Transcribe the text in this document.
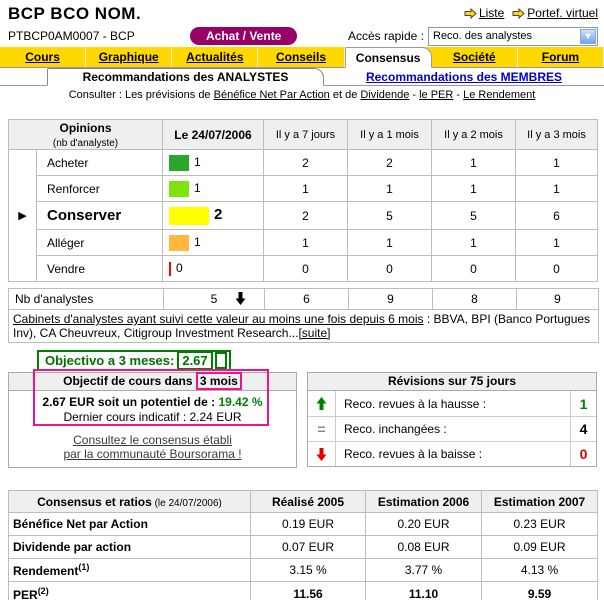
BCP BCO NOM.	Liste Portef. virtuel
PTBCP0AM0007 - BCP	Achat / Vente	Accès rapide : Reco. des analystes	▼
Cours	Graphique	Actualités	Conseils	Consensus	Société	Forum
Recommandations des ANALYSTES	Recommandations des MEMBRES
Consulter : Les prévisions de Bénéfice Net Par Action et de Dividende - le PER - Le Rendement
Opinions
(nb d'analyste)		Le 24/07/2006	Il y a 7 jours	Il y a 1 mois	Il y a 2 mois	Il y a 3 mois
▶	Acheter	1	2	2	1	1
	Renforcer	1	1	1	1	1
	Conserver	2	2	5	5	6
	Alléger	1	1	1	1	1
	Vendre	0	0	0	0	0
Nb d'analystes	5	6	9	8	9
Cabinets d'analystes ayant suivi cette valeur au moins une fois depuis 6 mois : BBVA, BPI (Banco Portugues Inv), CA Cheuvreux, Citigroup Investment Research...[suite]
Objectivo a 3 meses: 2.67
Objectif de cours dans 3 mois
2.67 EUR soit un potentiel de : 19.42 %
Dernier cours indicatif : 2.24 EUR
Consultez le consensus établi
par la communauté Boursorama !
Révisions sur 75 jours
Reco. revues à la hausse :	1
=	Reco. inchangées :	4
Reco. revues à la baisse :	0
Consensus et ratios (le 24/07/2006)	Réalisé 2005	Estimation 2006	Estimation 2007
Bénéfice Net par Action	0.19 EUR	0.20 EUR	0.23 EUR
Dividende par action	0.07 EUR	0.08 EUR	0.09 EUR
Rendement$^{(1)}$	3.15 %	3.77 %	4.13 %
PER$^{(2)}$	11.56	11.10	9.59
